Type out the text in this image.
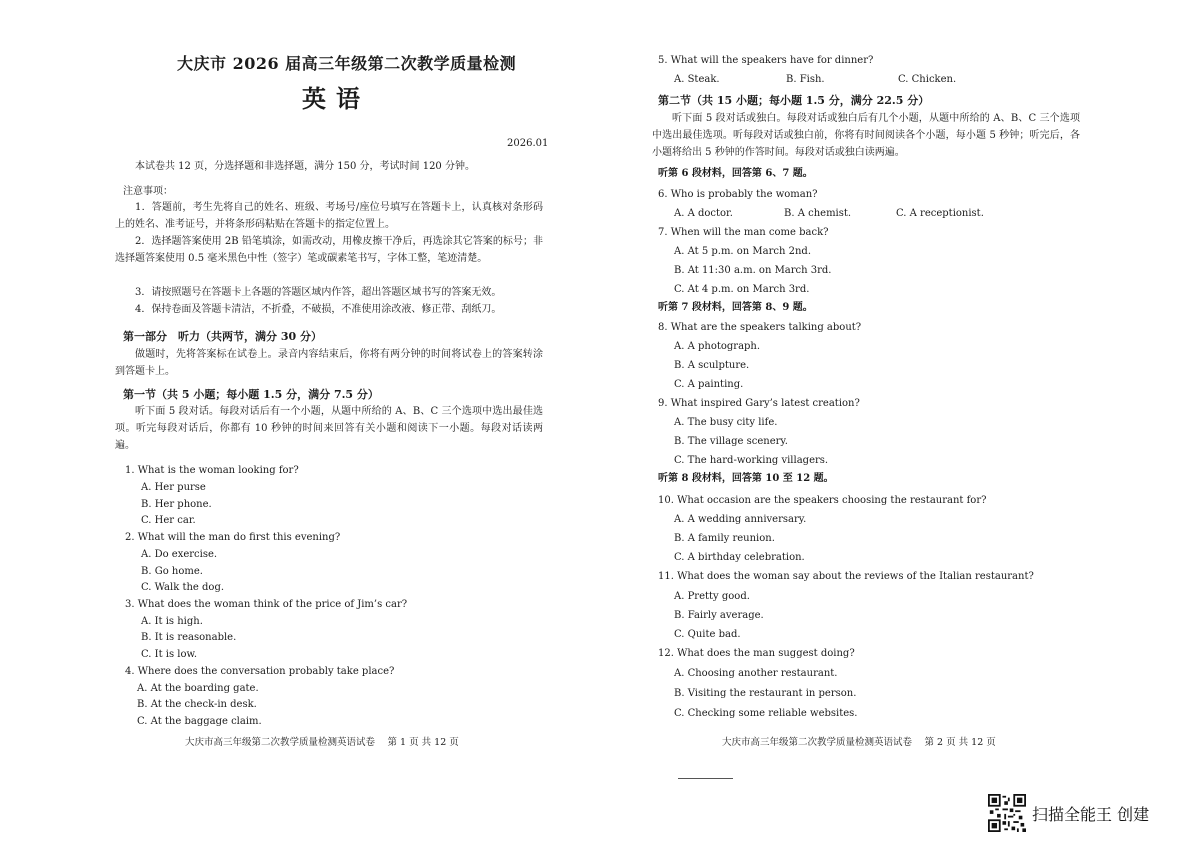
大庆市 2026 届高三年级第二次教学质量检测
英语
2026.01
本试卷共 12 页，分选择题和非选择题，满分 150 分，考试时间 120 分钟。
注意事项：
1．答题前，考生先将自己的姓名、班级、考场号/座位号填写在答题卡上，认真核对条形码上的姓名、准考证号，并将条形码粘贴在答题卡的指定位置上。
2．选择题答案使用 2B 铅笔填涂，如需改动，用橡皮擦干净后，再选涂其它答案的标号；非选择题答案使用 0.5 毫米黑色中性（签字）笔或碳素笔书写，字体工整，笔迹清楚。
3．请按照题号在答题卡上各题的答题区域内作答，超出答题区域书写的答案无效。
4．保持卷面及答题卡清洁，不折叠，不破损，不准使用涂改液、修正带、刮纸刀。
第一部分　听力（共两节，满分 30 分）
做题时，先将答案标在试卷上。录音内容结束后，你将有两分钟的时间将试卷上的答案转涂到答题卡上。
第一节（共 5 小题；每小题 1.5 分，满分 7.5 分）
听下面 5 段对话。每段对话后有一个小题，从题中所给的 A、B、C 三个选项中选出最佳选项。听完每段对话后，你都有 10 秒钟的时间来回答有关小题和阅读下一小题。每段对话读两遍。
1. What is the woman looking for?
A. Her purse
B. Her phone.
C. Her car.
2. What will the man do first this evening?
A. Do exercise.
B. Go home.
C. Walk the dog.
3. What does the woman think of the price of Jim’s car?
A. It is high.
B. It is reasonable.
C. It is low.
4. Where does the conversation probably take place?
A. At the boarding gate.
B. At the check-in desk.
C. At the baggage claim.
大庆市高三年级第二次教学质量检测英语试卷　 第 1 页 共 12 页
5. What will the speakers have for dinner?
A. Steak.	B. Fish.	C. Chicken.
第二节（共 15 小题；每小题 1.5 分，满分 22.5 分）
听下面 5 段对话或独白。每段对话或独白后有几个小题，从题中所给的 A、B、C 三个选项中选出最佳选项。听每段对话或独白前，你将有时间阅读各个小题，每小题 5 秒钟；听完后，各小题将给出 5 秒钟的作答时间。每段对话或独白读两遍。
听第 6 段材料，回答第 6、7 题。
6. Who is probably the woman?
A. A doctor.	B. A chemist.	C. A receptionist.
7. When will the man come back?
A. At 5 p.m. on March 2nd.
B. At 11:30 a.m. on March 3rd.
C. At 4 p.m. on March 3rd.
听第 7 段材料，回答第 8、9 题。
8. What are the speakers talking about?
A. A photograph.
B. A sculpture.
C. A painting.
9. What inspired Gary’s latest creation?
A. The busy city life.
B. The village scenery.
C. The hard-working villagers.
听第 8 段材料，回答第 10 至 12 题。
10. What occasion are the speakers choosing the restaurant for?
A. A wedding anniversary.
B. A family reunion.
C. A birthday celebration.
11. What does the woman say about the reviews of the Italian restaurant?
A. Pretty good.
B. Fairly average.
C. Quite bad.
12. What does the man suggest doing?
A. Choosing another restaurant.
B. Visiting the restaurant in person.
C. Checking some reliable websites.
大庆市高三年级第二次教学质量检测英语试卷　 第 2 页 共 12 页
扫描全能王 创建
